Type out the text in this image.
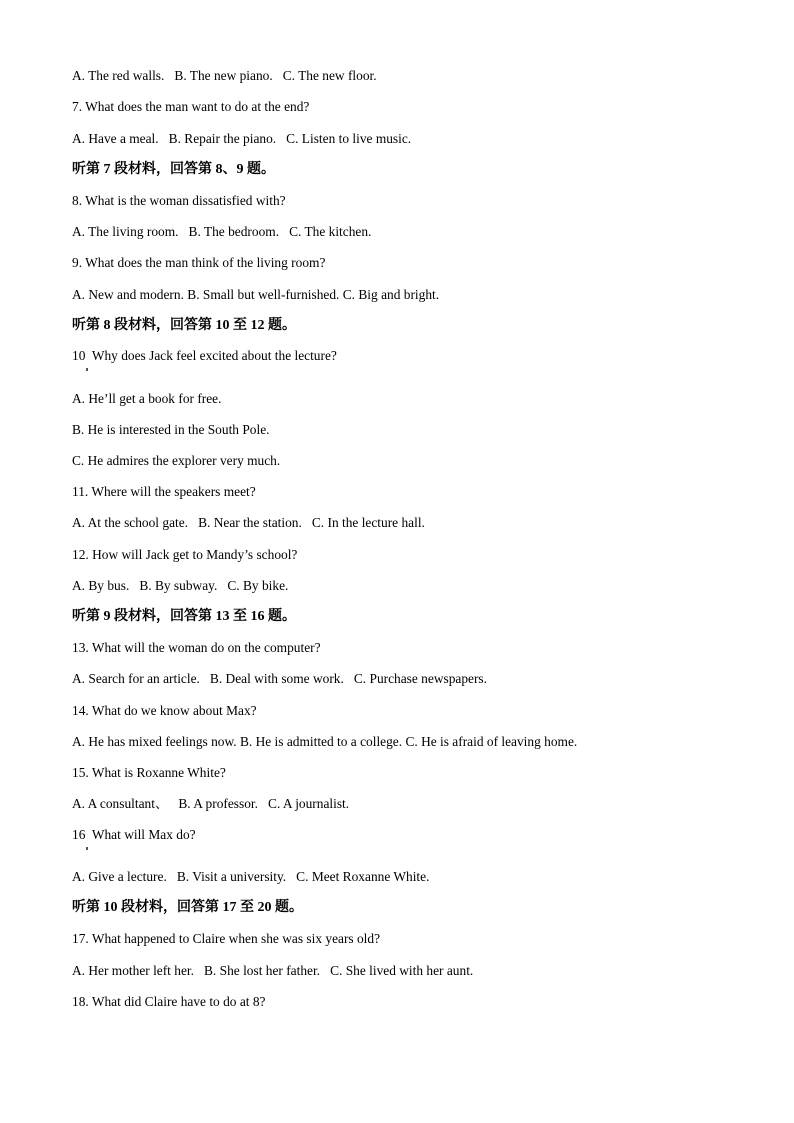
A. The red walls.   B. The new piano.   C. The new floor.
7. What does the man want to do at the end?
A. Have a meal.   B. Repair the piano.   C. Listen to live music.
听第 7 段材料，回答第 8、9 题。
8. What is the woman dissatisfied with?
A. The living room.   B. The bedroom.   C. The kitchen.
9. What does the man think of the living room?
A. New and modern. B. Small but well-furnished. C. Big and bright.
听第 8 段材料，回答第 10 至 12 题。
10  Why does Jack feel excited about the lecture?
A. He’ll get a book for free.
B. He is interested in the South Pole.
C. He admires the explorer very much.
11. Where will the speakers meet?
A. At the school gate.   B. Near the station.   C. In the lecture hall.
12. How will Jack get to Mandy’s school?
A. By bus.   B. By subway.   C. By bike.
听第 9 段材料，回答第 13 至 16 题。
13. What will the woman do on the computer?
A. Search for an article.   B. Deal with some work.   C. Purchase newspapers.
14. What do we know about Max?
A. He has mixed feelings now. B. He is admitted to a college. C. He is afraid of leaving home.
15. What is Roxanne White?
A. A consultant、   B. A professor.   C. A journalist.
16  What will Max do?
A. Give a lecture.   B. Visit a university.   C. Meet Roxanne White.
听第 10 段材料，回答第 17 至 20 题。
17. What happened to Claire when she was six years old?
A. Her mother left her.   B. She lost her father.   C. She lived with her aunt.
18. What did Claire have to do at 8?
